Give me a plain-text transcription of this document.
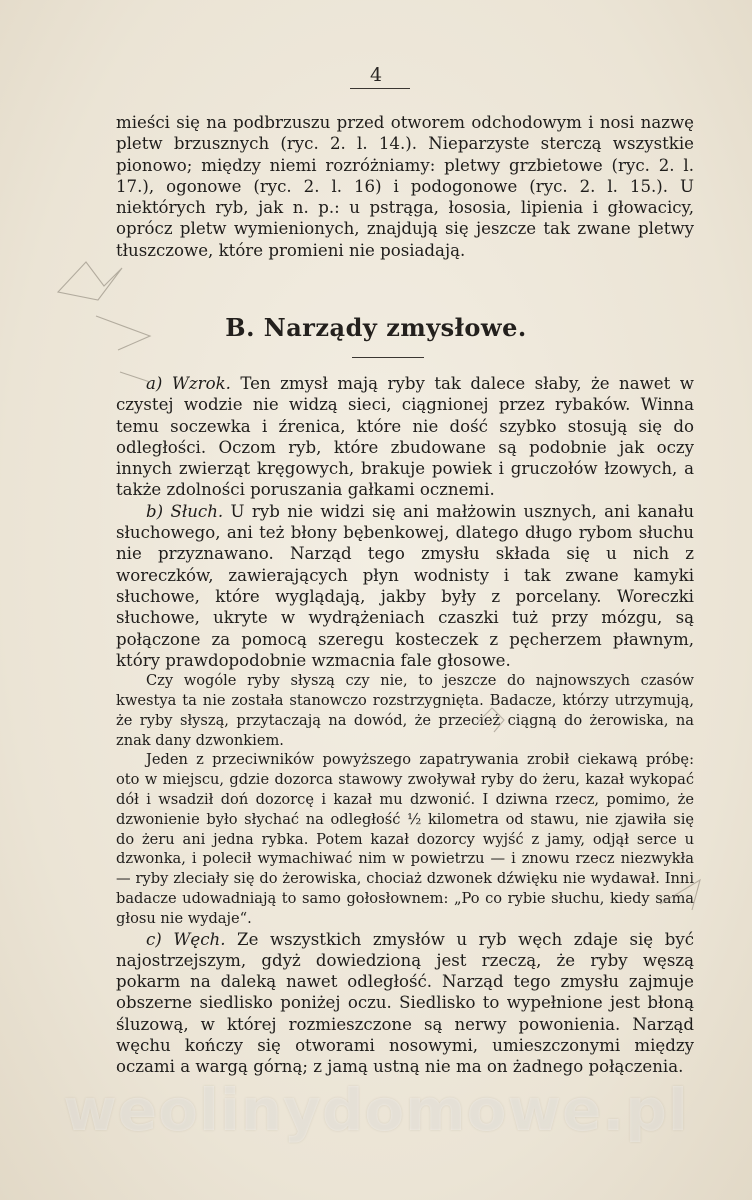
4

mieści się na podbrzuszu przed otworem odchodowym i nosi nazwę pletw brzusznych (ryc. 2. l. 14.). Nieparzyste sterczą wszystkie pionowo; między niemi rozróżniamy: pletwy grzbietowe (ryc. 2. l. 17.), ogonowe (ryc. 2. l. 16) i podogonowe (ryc. 2. l. 15.). U niektórych ryb, jak n. p.: u pstrąga, łososia, lipienia i głowacicy, oprócz pletw wymienionych, znajdują się jeszcze tak zwane pletwy tłuszczowe, które promieni nie posiadają.

B. Narządy zmysłowe.

a) Wzrok. Ten zmysł mają ryby tak dalece słaby, że nawet w czystej wodzie nie widzą sieci, ciągnionej przez rybaków. Winna temu soczewka i źrenica, które nie dość szybko stosują się do odległości. Oczom ryb, które zbudowane są podobnie jak oczy innych zwierząt kręgowych, brakuje powiek i gruczołów łzowych, a także zdolności poruszania gałkami ocznemi.

b) Słuch. U ryb nie widzi się ani małżowin usznych, ani kanału słuchowego, ani też błony bębenkowej, dlatego długo rybom słuchu nie przyznawano. Narząd tego zmysłu składa się u nich z woreczków, zawierających płyn wodnisty i tak zwane kamyki słuchowe, które wyglądają, jakby były z porcelany. Woreczki słuchowe, ukryte w wydrążeniach czaszki tuż przy mózgu, są połączone za pomocą szeregu kosteczek z pęcherzem pławnym, który prawdopodobnie wzmacnia fale głosowe.

Czy wogóle ryby słyszą czy nie, to jeszcze do najnowszych czasów kwestya ta nie została stanowczo rozstrzygnięta. Badacze, którzy utrzymują, że ryby słyszą, przytaczają na dowód, że przecież ciągną do żerowiska, na znak dany dzwonkiem.

Jeden z przeciwników powyższego zapatrywania zrobił ciekawą próbę: oto w miejscu, gdzie dozorca stawowy zwoływał ryby do żeru, kazał wykopać dół i wsadził doń dozorcę i kazał mu dzwonić. I dziwna rzecz, pomimo, że dzwonienie było słychać na odległość ½ kilometra od stawu, nie zjawiła się do żeru ani jedna rybka. Potem kazał dozorcy wyjść z jamy, odjął serce u dzwonka, i polecił wymachiwać nim w powietrzu — i znowu rzecz niezwykła — ryby zleciały się do żerowiska, chociaż dzwonek dźwięku nie wydawał. Inni badacze udowadniają to samo gołosłownem: „Po co rybie słuchu, kiedy sama głosu nie wydaje“.

c) Węch. Ze wszystkich zmysłów u ryb węch zdaje się być najostrzejszym, gdyż dowiedzioną jest rzeczą, że ryby węszą pokarm na daleką nawet odległość. Narząd tego zmysłu zajmuje obszerne siedlisko poniżej oczu. Siedlisko to wypełnione jest błoną śluzową, w której rozmieszczone są nerwy powonienia. Narząd węchu kończy się otworami nosowymi, umieszczonymi między oczami a wargą górną; z jamą ustną nie ma on żadnego połączenia.

weolinydomowe.pl
